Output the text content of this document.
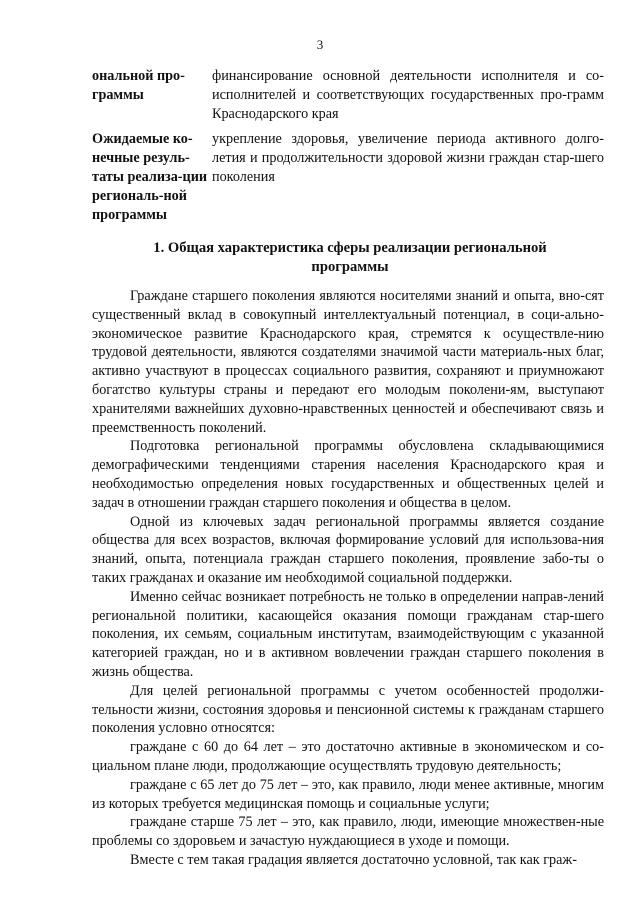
3
ональной про-граммы
финансирование основной деятельности исполнителя и со-исполнителей и соответствующих государственных про-грамм Краснодарского края
Ожидаемые ко-нечные резуль-таты реализа-ции региональ-ной программы
укрепление здоровья, увеличение периода активного долго-летия и продолжительности здоровой жизни граждан стар-шего поколения
1. Общая характеристика сферы реализации региональной программы

Граждане старшего поколения являются носителями знаний и опыта, вно-сят существенный вклад в совокупный интеллектуальный потенциал, в соци-ально-экономическое развитие Краснодарского края, стремятся к осуществле-нию трудовой деятельности, являются создателями значимой части материаль-ных благ, активно участвуют в процессах социального развития, сохраняют и приумножают богатство культуры страны и передают его молодым поколени-ям, выступают хранителями важнейших духовно-нравственных ценностей и обеспечивают связь и преемственность поколений.

Подготовка региональной программы обусловлена складывающимися демографическими тенденциями старения населения Краснодарского края и необходимостью определения новых государственных и общественных целей и задач в отношении граждан старшего поколения и общества в целом.

Одной из ключевых задач региональной программы является создание общества для всех возрастов, включая формирование условий для использова-ния знаний, опыта, потенциала граждан старшего поколения, проявление забо-ты о таких гражданах и оказание им необходимой социальной поддержки.

Именно сейчас возникает потребность не только в определении направ-лений региональной политики, касающейся оказания помощи гражданам стар-шего поколения, их семьям, социальным институтам, взаимодействующим с указанной категорией граждан, но и в активном вовлечении граждан старшего поколения в жизнь общества.

Для целей региональной программы с учетом особенностей продолжи-тельности жизни, состояния здоровья и пенсионной системы к гражданам старшего поколения условно относятся:

граждане с 60 до 64 лет – это достаточно активные в экономическом и со-циальном плане люди, продолжающие осуществлять трудовую деятельность;

граждане с 65 лет до 75 лет – это, как правило, люди менее активные, многим из которых требуется медицинская помощь и социальные услуги;

граждане старше 75 лет – это, как правило, люди, имеющие множествен-ные проблемы со здоровьем и зачастую нуждающиеся в уходе и помощи.

Вместе с тем такая градация является достаточно условной, так как граж-
